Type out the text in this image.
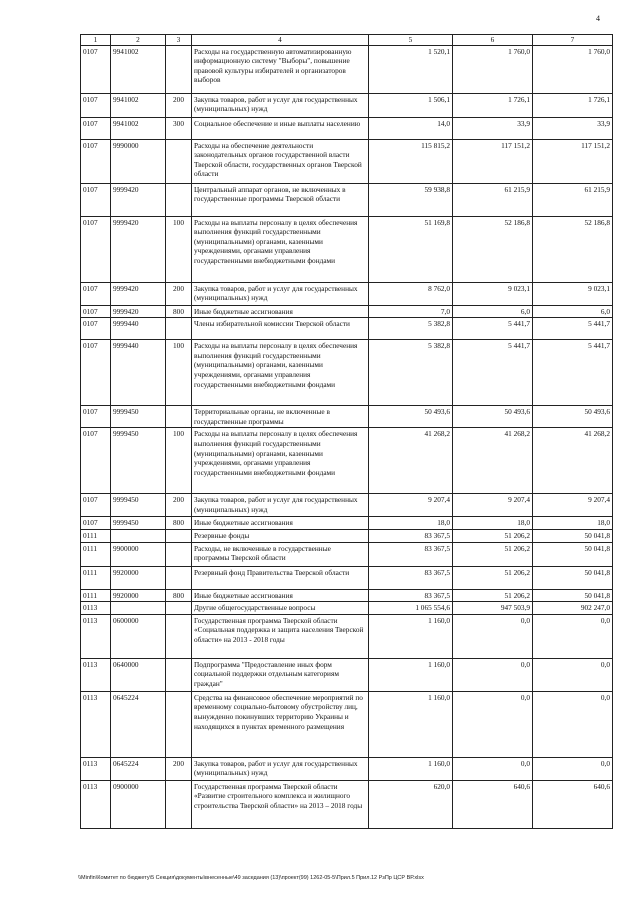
4
1	2	3	4	5	6	7
0107	9941002		Расходы на государственную автоматизированную информационную систему "Выборы", повышение правовой культуры избирателей и организаторов выборов	1 520,1	1 760,0	1 760,0
0107	9941002	200	Закупка товаров, работ и услуг для государственных (муниципальных) нужд	1 506,1	1 726,1	1 726,1
0107	9941002	300	Социальное обеспечение и иные выплаты населению	14,0	33,9	33,9
0107	9990000		Расходы на обеспечение деятельности законодательных органов государственной власти Тверской области, государственных органов Тверской области	115 815,2	117 151,2	117 151,2
0107	9999420		Центральный аппарат органов, не включенных в государственные программы Тверской области	59 938,8	61 215,9	61 215,9
0107	9999420	100	Расходы на выплаты персоналу в целях обеспечения выполнения функций государственными (муниципальными) органами, казенными учреждениями, органами управления государственными внебюджетными фондами	51 169,8	52 186,8	52 186,8
0107	9999420	200	Закупка товаров, работ и услуг для государственных (муниципальных) нужд	8 762,0	9 023,1	9 023,1
0107	9999420	800	Иные бюджетные ассигнования	7,0	6,0	6,0
0107	9999440		Члены избирательной комиссии Тверской области	5 382,8	5 441,7	5 441,7
0107	9999440	100	Расходы на выплаты персоналу в целях обеспечения выполнения функций государственными (муниципальными) органами, казенными учреждениями, органами управления государственными внебюджетными фондами	5 382,8	5 441,7	5 441,7
0107	9999450		Территориальные органы, не включенные в государственные программы	50 493,6	50 493,6	50 493,6
0107	9999450	100	Расходы на выплаты персоналу в целях обеспечения выполнения функций государственными (муниципальными) органами, казенными учреждениями, органами управления государственными внебюджетными фондами	41 268,2	41 268,2	41 268,2
0107	9999450	200	Закупка товаров, работ и услуг для государственных (муниципальных) нужд	9 207,4	9 207,4	9 207,4
0107	9999450	800	Иные бюджетные ассигнования	18,0	18,0	18,0
0111			Резервные фонды	83 367,5	51 206,2	50 041,8
0111	9900000		Расходы, не включенные в государственные программы Тверской области	83 367,5	51 206,2	50 041,8
0111	9920000		Резервный фонд Правительства Тверской области	83 367,5	51 206,2	50 041,8
0111	9920000	800	Иные бюджетные ассигнования	83 367,5	51 206,2	50 041,8
0113			Другие общегосударственные вопросы	1 065 554,6	947 503,9	902 247,0
0113	0600000		Государственная программа Тверской области «Социальная поддержка и защита населения Тверской области» на 2013 - 2018 годы	1 160,0	0,0	0,0
0113	0640000		Подпрограмма "Предоставление иных форм социальной поддержки отдельным категориям граждан"	1 160,0	0,0	0,0
0113	0645224		Средства на финансовое обеспечение мероприятий по временному социально-бытовому обустройству лиц, вынужденно покинувших территорию Украины и находящихся в пунктах временного размещения	1 160,0	0,0	0,0
0113	0645224	200	Закупка товаров, работ и услуг для государственных (муниципальных) нужд	1 160,0	0,0	0,0
0113	0900000		Государственная программа Тверской области «Развитие строительного комплекса и жилищного строительства Тверской области» на 2013 – 2018 годы	620,0	640,6	640,6
\\Minfin\Комитет по бюджету\5 Секция\документы\внесенные\49 заседания (13)\проект(99) 1262-05-5\Прил.5 Прил.12 РзПр ЦСР ВР.xlsx
